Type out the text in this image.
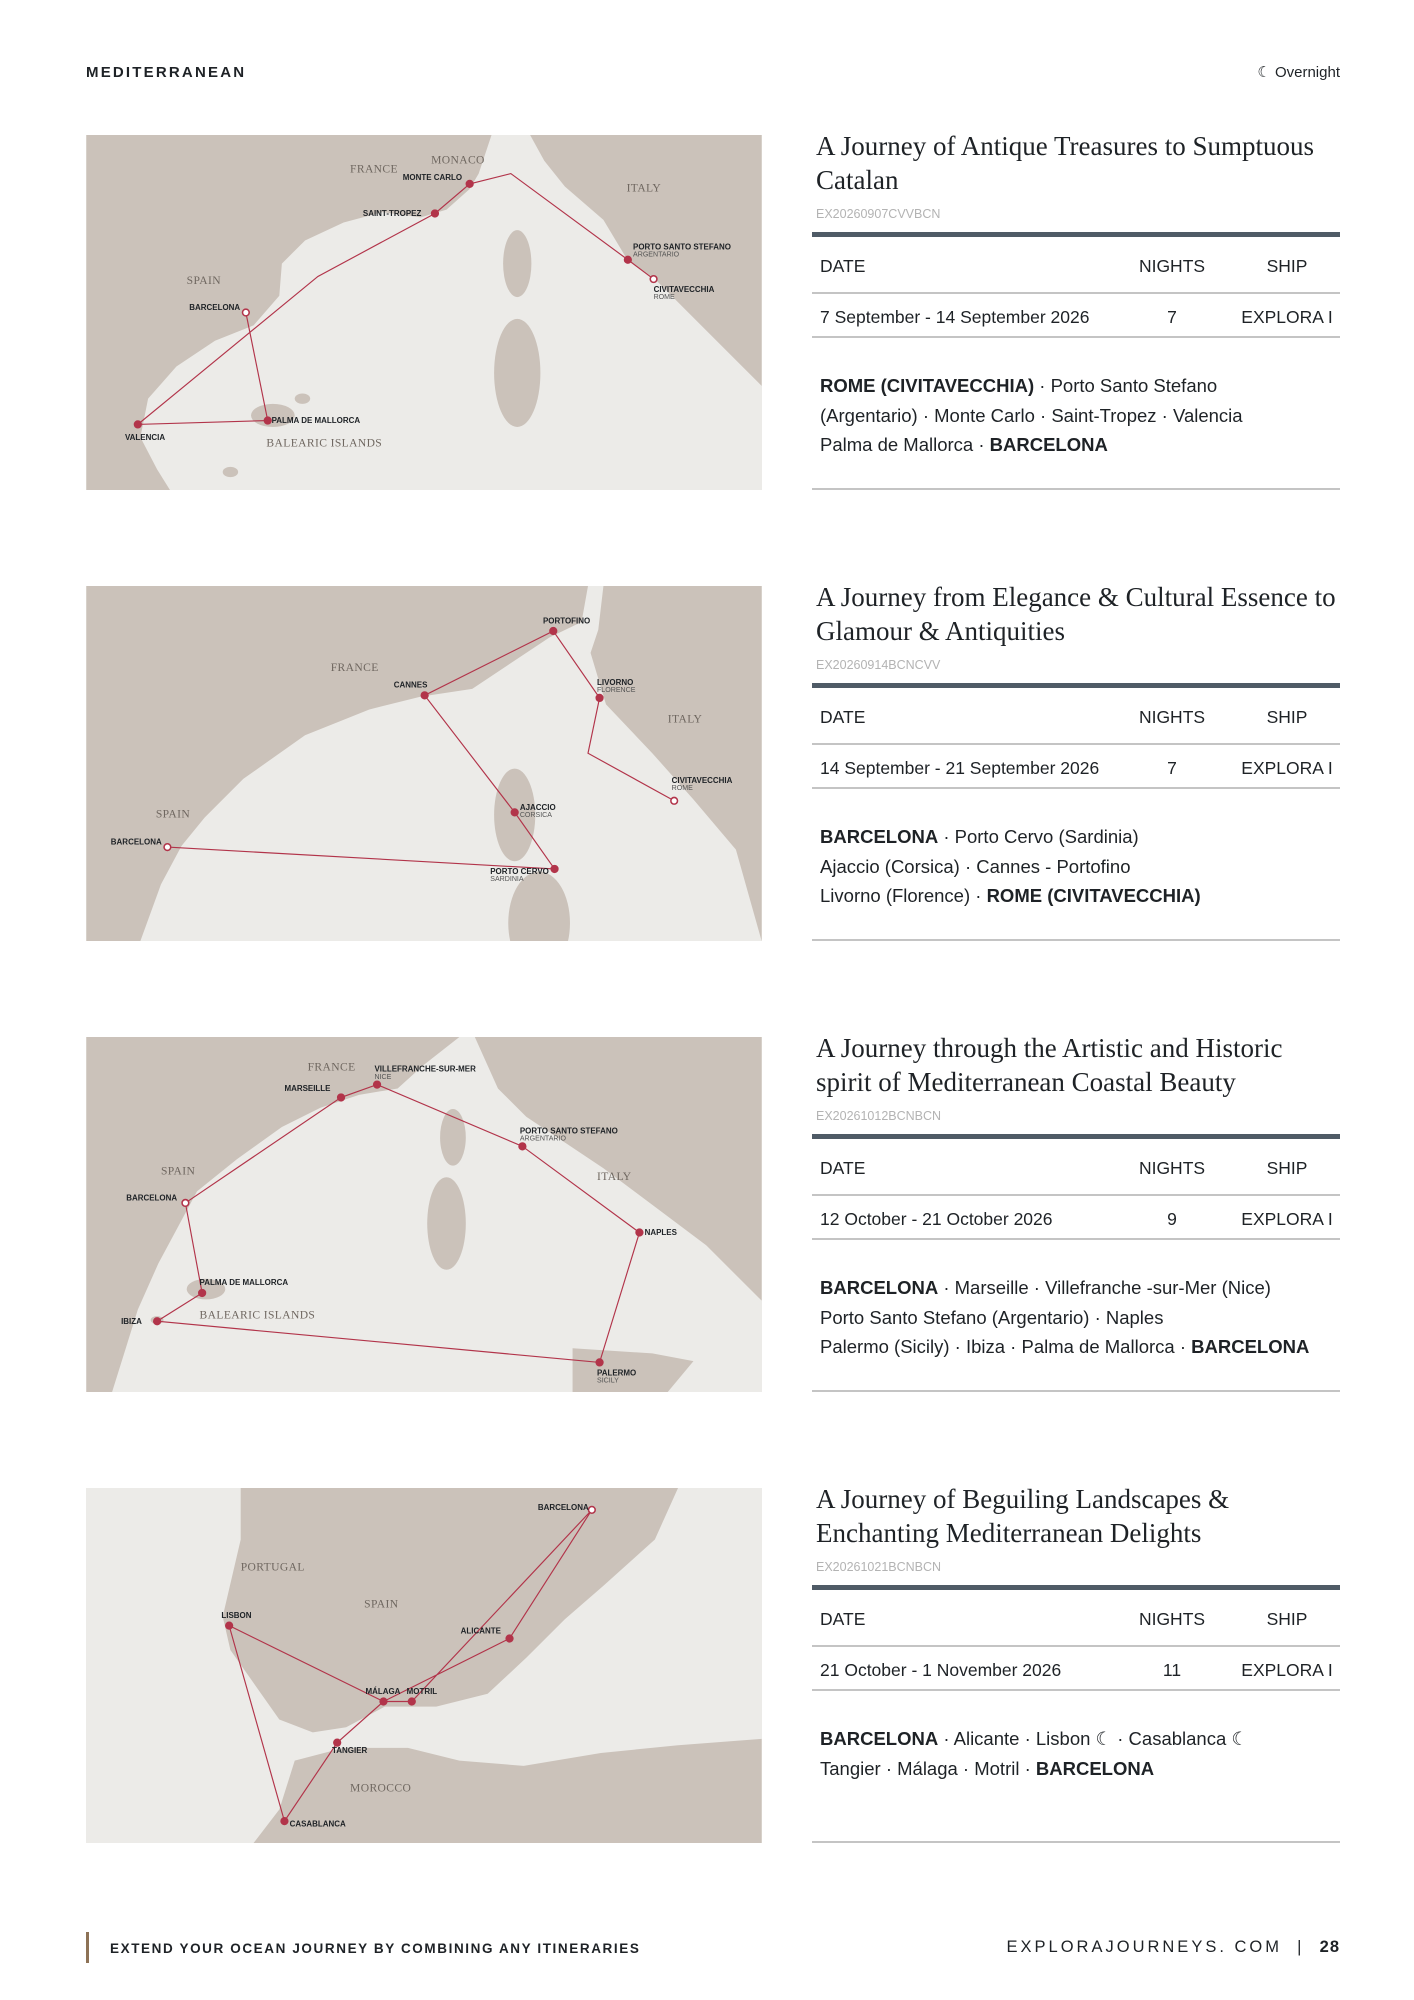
MEDITERRANEAN	☾ Overnight
FRANCE
MONACO
ITALY
SPAIN
BALEARIC ISLANDS
CIVITAVECCHIA
ROME
PORTO SANTO STEFANO
ARGENTARIO
MONTE CARLO
SAINT-TROPEZ
VALENCIA
PALMA DE MALLORCA
BARCELONA
A Journey of Antique Treasures to Sumptuous Catalan
EX20260907CVVBCN
DATE	NIGHTS	SHIP
7 September - 14 September 2026	7	EXPLORA I
ROME (CIVITAVECCHIA) · Porto Santo Stefano
(Argentario) · Monte Carlo · Saint-Tropez · Valencia
Palma de Mallorca · BARCELONA
FRANCE
ITALY
SPAIN
BARCELONA
PORTO CERVO
SARDINIA
AJACCIO
CORSICA
CANNES
PORTOFINO
LIVORNO
FLORENCE
CIVITAVECCHIA
ROME
A Journey from Elegance & Cultural Essence to Glamour & Antiquities
EX20260914BCNCVV
DATE	NIGHTS	SHIP
14 September - 21 September 2026	7	EXPLORA I
BARCELONA · Porto Cervo (Sardinia)
Ajaccio (Corsica) · Cannes - Portofino
Livorno (Florence) · ROME (CIVITAVECCHIA)
FRANCE
ITALY
SPAIN
BALEARIC ISLANDS
BARCELONA
MARSEILLE
VILLEFRANCHE-SUR-MER
NICE
PORTO SANTO STEFANO
ARGENTARIO
NAPLES
PALERMO
SICILY
IBIZA
PALMA DE MALLORCA
A Journey through the Artistic and Historic spirit of Mediterranean Coastal Beauty
EX20261012BCNBCN
DATE	NIGHTS	SHIP
12 October - 21 October 2026	9	EXPLORA I
BARCELONA · Marseille · Villefranche -sur-Mer (Nice)
Porto Santo Stefano (Argentario) · Naples
Palermo (Sicily) · Ibiza · Palma de Mallorca · BARCELONA
PORTUGAL
SPAIN
MOROCCO
BARCELONA
ALICANTE
LISBON
CASABLANCA
TANGIER
MÁLAGA MOTRIL
A Journey of Beguiling Landscapes & Enchanting Mediterranean Delights
EX20261021BCNBCN
DATE	NIGHTS	SHIP
21 October - 1 November 2026	11	EXPLORA I
BARCELONA · Alicante · Lisbon ☾ · Casablanca ☾
Tangier · Málaga · Motril · BARCELONA
EXTEND YOUR OCEAN JOURNEY BY COMBINING ANY ITINERARIES	EXPLORAJOURNEYS. COM | 28
